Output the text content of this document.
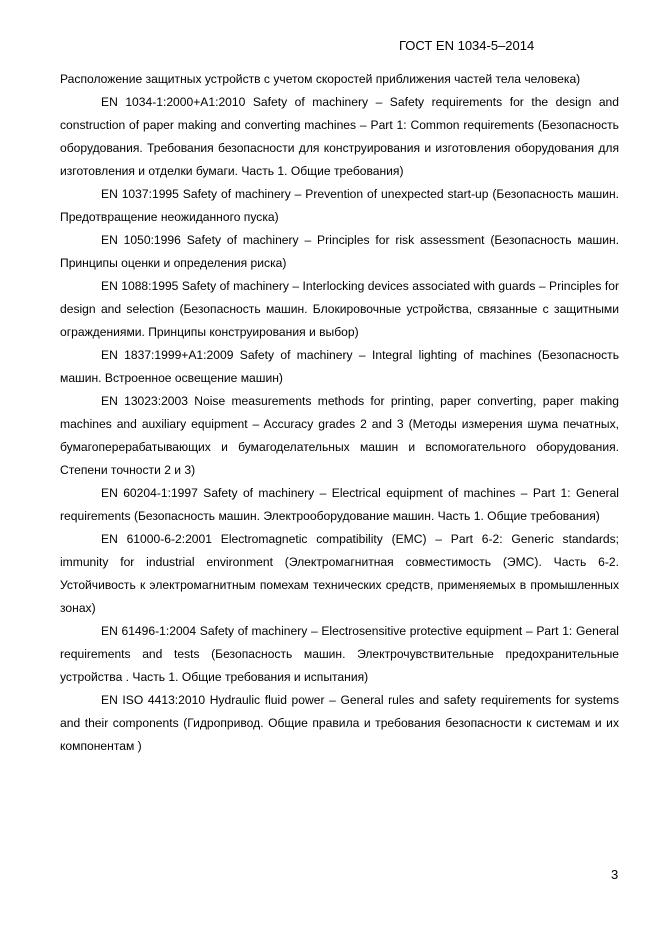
ГОСТ EN 1034-5–2014

Расположение защитных устройств с учетом скоростей приближения частей тела человека)

EN 1034-1:2000+A1:2010 Safety of machinery – Safety requirements for the design and construction of paper making and converting machines – Part 1: Common requirements (Безопасность оборудования. Требования безопасности для конструирования и изготовления оборудования для изготовления и отделки бумаги. Часть 1. Общие требования)

EN 1037:1995 Safety of machinery – Prevention of unexpected start-up (Безопасность машин. Предотвращение неожиданного пуска)

EN 1050:1996 Safety of machinery – Principles for risk assessment (Безопасность машин. Принципы оценки и определения риска)

EN 1088:1995 Safety of machinery – Interlocking devices associated with guards – Principles for design and selection (Безопасность машин. Блокировочные устройства, связанные с защитными ограждениями. Принципы конструирования и выбор)

EN 1837:1999+A1:2009 Safety of machinery – Integral lighting of machines (Безопасность машин. Встроенное освещение машин)

EN 13023:2003 Noise measurements methods for printing, paper converting, paper making machines and auxiliary equipment – Accuracy grades 2 and 3 (Методы измерения шума печатных, бумагоперерабатывающих и бумагоделательных машин и вспомогательного оборудования. Степени точности 2 и 3)

EN 60204-1:1997 Safety of machinery – Electrical equipment of machines – Part 1: General requirements (Безопасность машин. Электрооборудование машин. Часть 1. Общие требования)

EN 61000-6-2:2001 Electromagnetic compatibility (EMC) – Part 6-2: Generic standards; immunity for industrial environment (Электромагнитная совместимость (ЭМС). Часть 6-2. Устойчивость к электромагнитным помехам технических средств, применяемых в промышленных зонах)

EN 61496-1:2004 Safety of machinery – Electrosensitive protective equipment – Part 1: General requirements and tests (Безопасность машин. Электрочувствительные предохранительные устройства . Часть 1. Общие требования и испытания)

EN ISO 4413:2010 Hydraulic fluid power – General rules and safety requirements for systems and their components (Гидропривод. Общие правила и требования безопасности к системам и их компонентам )

3
